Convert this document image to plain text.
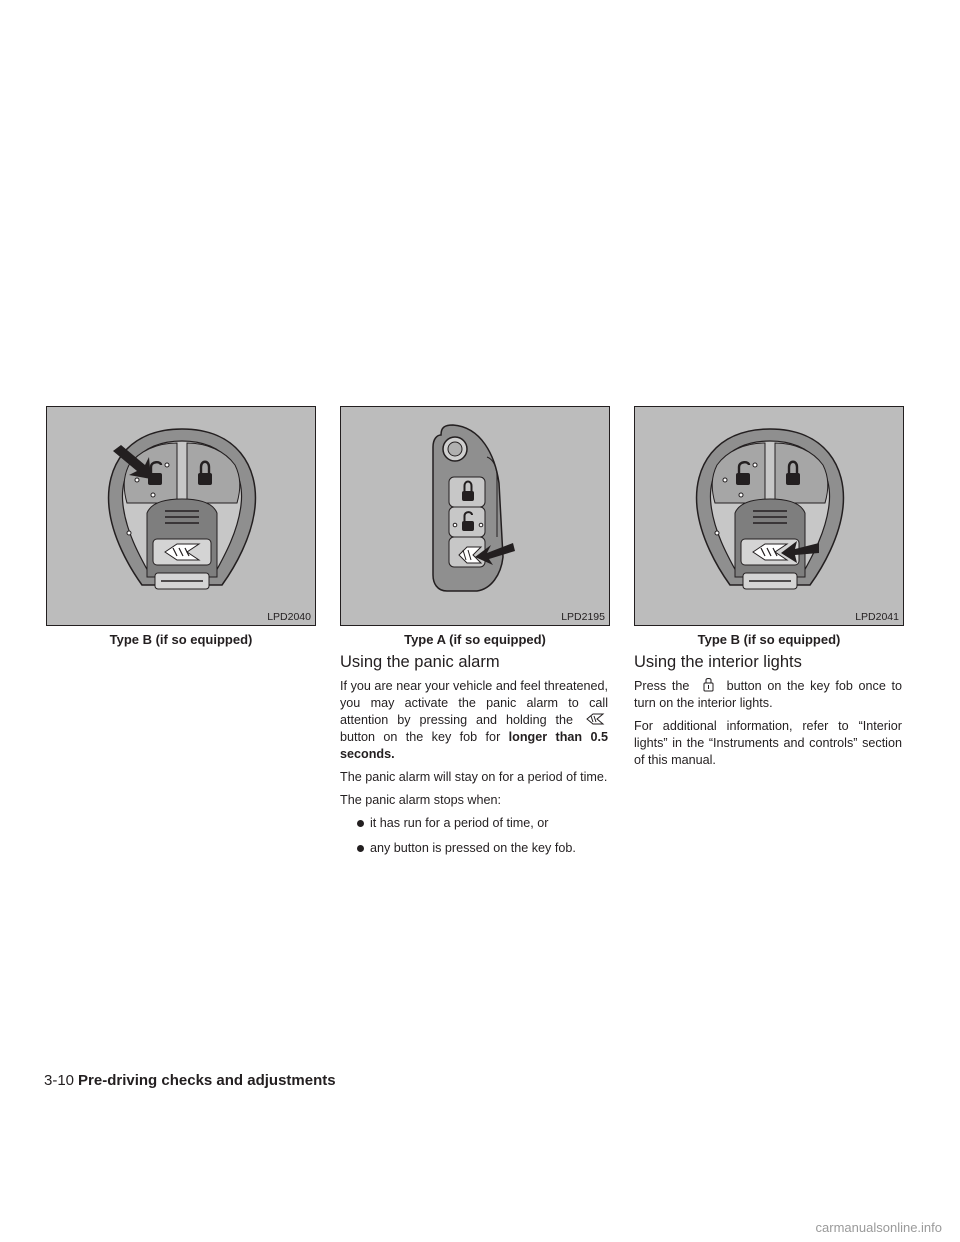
LPD2040
Type B (if so equipped)
LPD2195
Type A (if so equipped)
LPD2041
Type B (if so equipped)
Using the panic alarm

If you are near your vehicle and feel threatened, you may activate the panic alarm to call attention by pressing and holding the  button on the key fob for longer than 0.5 seconds.

The panic alarm will stay on for a period of time.

The panic alarm stops when:

it has run for a period of time, or
any button is pressed on the key fob.
Using the interior lights

Press the	button on the key fob once to turn on the interior lights.

For additional information, refer to “Interior lights” in the “Instruments and controls” section of this manual.

3-10 Pre-driving checks and adjustments
carmanualsonline.info
